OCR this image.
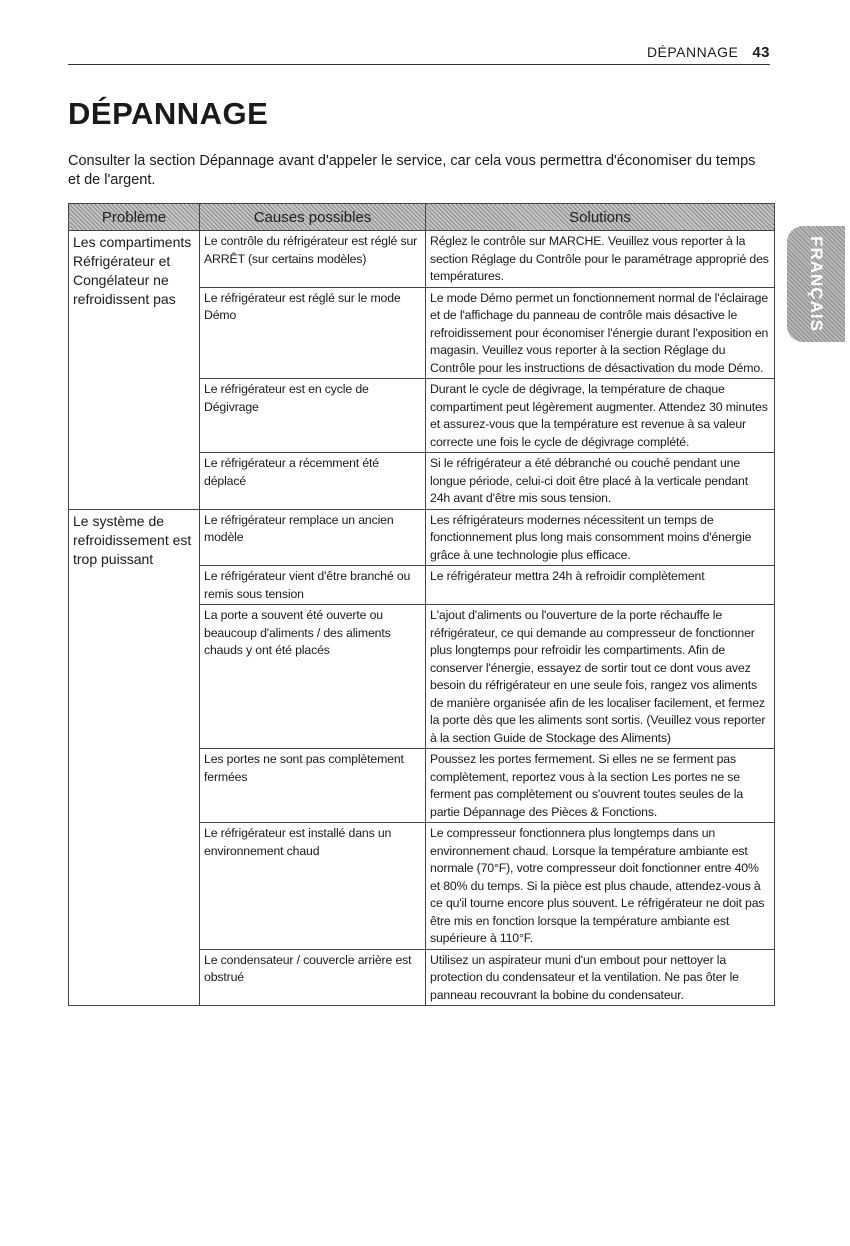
DÉPANNAGE 43
DÉPANNAGE

Consulter la section Dépannage avant d'appeler le service, car cela vous permettra d'économiser du temps et de l'argent.

FRANÇAIS
Problème	Causes possibles	Solutions
Les compartiments Réfrigérateur et Congélateur ne refroidissent pas	Le contrôle du réfrigérateur est réglé sur ARRÊT (sur certains modèles)	Réglez le contrôle sur MARCHE. Veuillez vous reporter à la section Réglage du Contrôle pour le paramétrage approprié des températures.
	Le réfrigérateur est réglé sur le mode Démo	Le mode Démo permet un fonctionnement normal de l'éclairage et de l'affichage du panneau de contrôle mais désactive le refroidissement pour économiser l'énergie durant l'exposition en magasin. Veuillez vous reporter à la section Réglage du Contrôle pour les instructions de désactivation du mode Démo.
	Le réfrigérateur est en cycle de Dégivrage	Durant le cycle de dégivrage, la température de chaque compartiment peut légèrement augmenter. Attendez 30 minutes et assurez-vous que la température est revenue à sa valeur correcte une fois le cycle de dégivrage complété.
	Le réfrigérateur a récemment été déplacé	Si le réfrigérateur a été débranché ou couché pendant une longue période, celui-ci doit être placé à la verticale pendant 24h avant d'être mis sous tension.
Le système de refroidissement est trop puissant	Le réfrigérateur remplace un ancien modèle	Les réfrigérateurs modernes nécessitent un temps de fonctionnement plus long mais consomment moins d'énergie grâce à une technologie plus efficace.
	Le réfrigérateur vient d'être branché ou remis sous tension	Le réfrigérateur mettra 24h à refroidir complètement
	La porte a souvent été ouverte ou beaucoup d'aliments / des aliments chauds y ont été placés	L'ajout d'aliments ou l'ouverture de la porte réchauffe le réfrigérateur, ce qui demande au compresseur de fonctionner plus longtemps pour refroidir les compartiments. Afin de conserver l'énergie, essayez de sortir tout ce dont vous avez besoin du réfrigérateur en une seule fois, rangez vos aliments de manière organisée afin de les localiser facilement, et fermez la porte dès que les aliments sont sortis. (Veuillez vous reporter à la section Guide de Stockage des Aliments)
	Les portes ne sont pas complètement fermées	Poussez les portes fermement. Si elles ne se ferment pas complètement, reportez vous à la section Les portes ne se ferment pas complètement ou s'ouvrent toutes seules de la partie Dépannage des Pièces & Fonctions.
	Le réfrigérateur est installé dans un environnement chaud	Le compresseur fonctionnera plus longtemps dans un environnement chaud. Lorsque la température ambiante est normale (70°F), votre compresseur doit fonctionner entre 40% et 80% du temps. Si la pièce est plus chaude, attendez-vous à ce qu'il tourne encore plus souvent. Le réfrigérateur ne doit pas être mis en fonction lorsque la température ambiante est supérieure à 110°F.
	Le condensateur / couvercle arrière est obstrué	Utilisez un aspirateur muni d'un embout pour nettoyer la protection du condensateur et la ventilation. Ne pas ôter le panneau recouvrant la bobine du condensateur.
